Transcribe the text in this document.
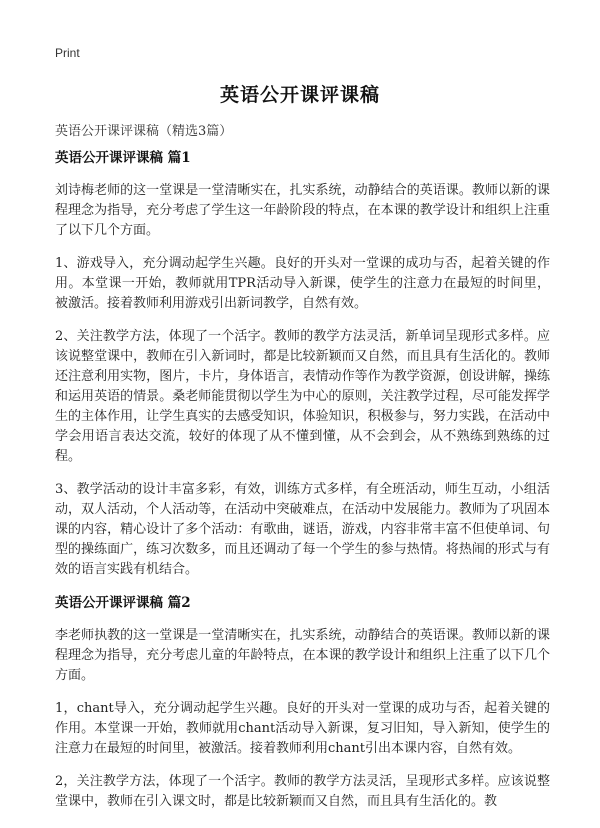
Print
英语公开课评课稿
英语公开课评课稿（精选3篇）
英语公开课评课稿 篇1

刘诗梅老师的这一堂课是一堂清晰实在，扎实系统，动静结合的英语课。教师以新的课程理念为指导，充分考虑了学生这一年龄阶段的特点，在本课的教学设计和组织上注重了以下几个方面。

1、游戏导入，充分调动起学生兴趣。良好的开头对一堂课的成功与否，起着关键的作用。本堂课一开始，教师就用TPR活动导入新课，使学生的注意力在最短的时间里，被激活。接着教师利用游戏引出新词教学，自然有效。

2、关注教学方法，体现了一个活字。教师的教学方法灵活，新单词呈现形式多样。应该说整堂课中，教师在引入新词时，都是比较新颖而又自然，而且具有生活化的。教师还注意利用实物，图片，卡片，身体语言，表情动作等作为教学资源，创设讲解，操练和运用英语的情景。桑老师能贯彻以学生为中心的原则，关注教学过程，尽可能发挥学生的主体作用，让学生真实的去感受知识，体验知识，积极参与，努力实践，在活动中学会用语言表达交流，较好的体现了从不懂到懂，从不会到会，从不熟练到熟练的过程。

3、教学活动的设计丰富多彩，有效，训练方式多样，有全班活动，师生互动，小组活动，双人活动，个人活动等，在活动中突破难点，在活动中发展能力。教师为了巩固本课的内容，精心设计了多个活动：有歌曲，谜语，游戏，内容非常丰富不但使单词、句型的操练面广，练习次数多，而且还调动了每一个学生的参与热情。将热闹的形式与有效的语言实践有机结合。

英语公开课评课稿 篇2

李老师执教的这一堂课是一堂清晰实在，扎实系统，动静结合的英语课。教师以新的课程理念为指导，充分考虑儿童的年龄特点，在本课的教学设计和组织上注重了以下几个方面。

1，chant导入，充分调动起学生兴趣。良好的开头对一堂课的成功与否，起着关键的作用。本堂课一开始，教师就用chant活动导入新课，复习旧知，导入新知，使学生的注意力在最短的时间里，被激活。接着教师利用chant引出本课内容，自然有效。

2，关注教学方法，体现了一个活字。教师的教学方法灵活，呈现形式多样。应该说整堂课中，教师在引入课文时，都是比较新颖而又自然，而且具有生活化的。教
